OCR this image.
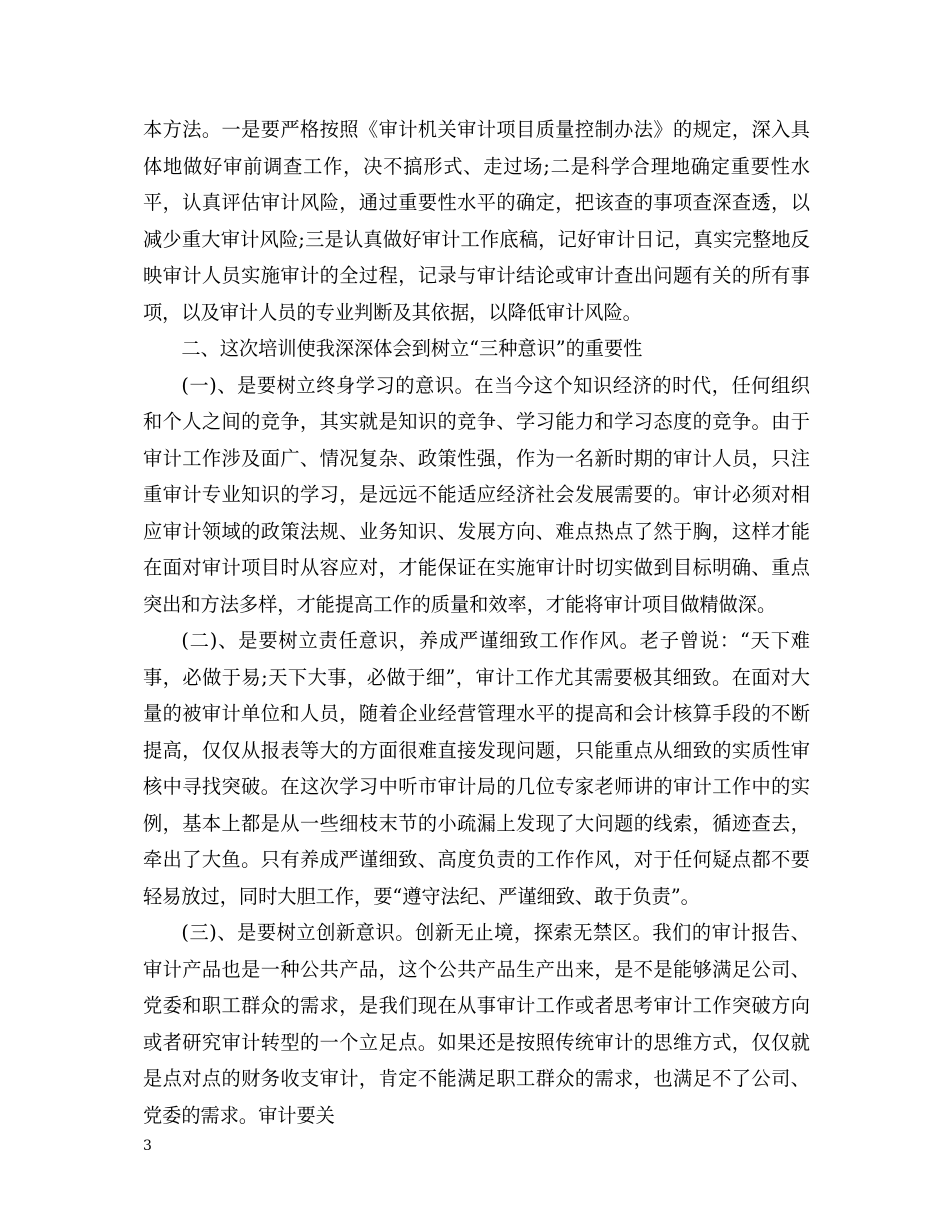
本方法。一是要严格按照《审计机关审计项目质量控制办法》的规定，深入具体地做好审前调查工作，决不搞形式、走过场;二是科学合理地确定重要性水平，认真评估审计风险，通过重要性水平的确定，把该查的事项查深查透，以减少重大审计风险;三是认真做好审计工作底稿，记好审计日记，真实完整地反映审计人员实施审计的全过程，记录与审计结论或审计查出问题有关的所有事项，以及审计人员的专业判断及其依据，以降低审计风险。

二、这次培训使我深深体会到树立“三种意识”的重要性

(一)、是要树立终身学习的意识。在当今这个知识经济的时代，任何组织和个人之间的竞争，其实就是知识的竞争、学习能力和学习态度的竞争。由于审计工作涉及面广、情况复杂、政策性强，作为一名新时期的审计人员，只注重审计专业知识的学习，是远远不能适应经济社会发展需要的。审计必须对相应审计领域的政策法规、业务知识、发展方向、难点热点了然于胸，这样才能在面对审计项目时从容应对，才能保证在实施审计时切实做到目标明确、重点突出和方法多样，才能提高工作的质量和效率，才能将审计项目做精做深。

(二)、是要树立责任意识，养成严谨细致工作作风。老子曾说：“天下难事，必做于易;天下大事，必做于细”，审计工作尤其需要极其细致。在面对大量的被审计单位和人员，随着企业经营管理水平的提高和会计核算手段的不断提高，仅仅从报表等大的方面很难直接发现问题，只能重点从细致的实质性审核中寻找突破。在这次学习中听市审计局的几位专家老师讲的审计工作中的实例，基本上都是从一些细枝末节的小疏漏上发现了大问题的线索，循迹查去，牵出了大鱼。只有养成严谨细致、高度负责的工作作风，对于任何疑点都不要轻易放过，同时大胆工作，要“遵守法纪、严谨细致、敢于负责”。

(三)、是要树立创新意识。创新无止境，探索无禁区。我们的审计报告、审计产品也是一种公共产品，这个公共产品生产出来，是不是能够满足公司、党委和职工群众的需求，是我们现在从事审计工作或者思考审计工作突破方向或者研究审计转型的一个立足点。如果还是按照传统审计的思维方式，仅仅就是点对点的财务收支审计，肯定不能满足职工群众的需求，也满足不了公司、党委的需求。审计要关

3
